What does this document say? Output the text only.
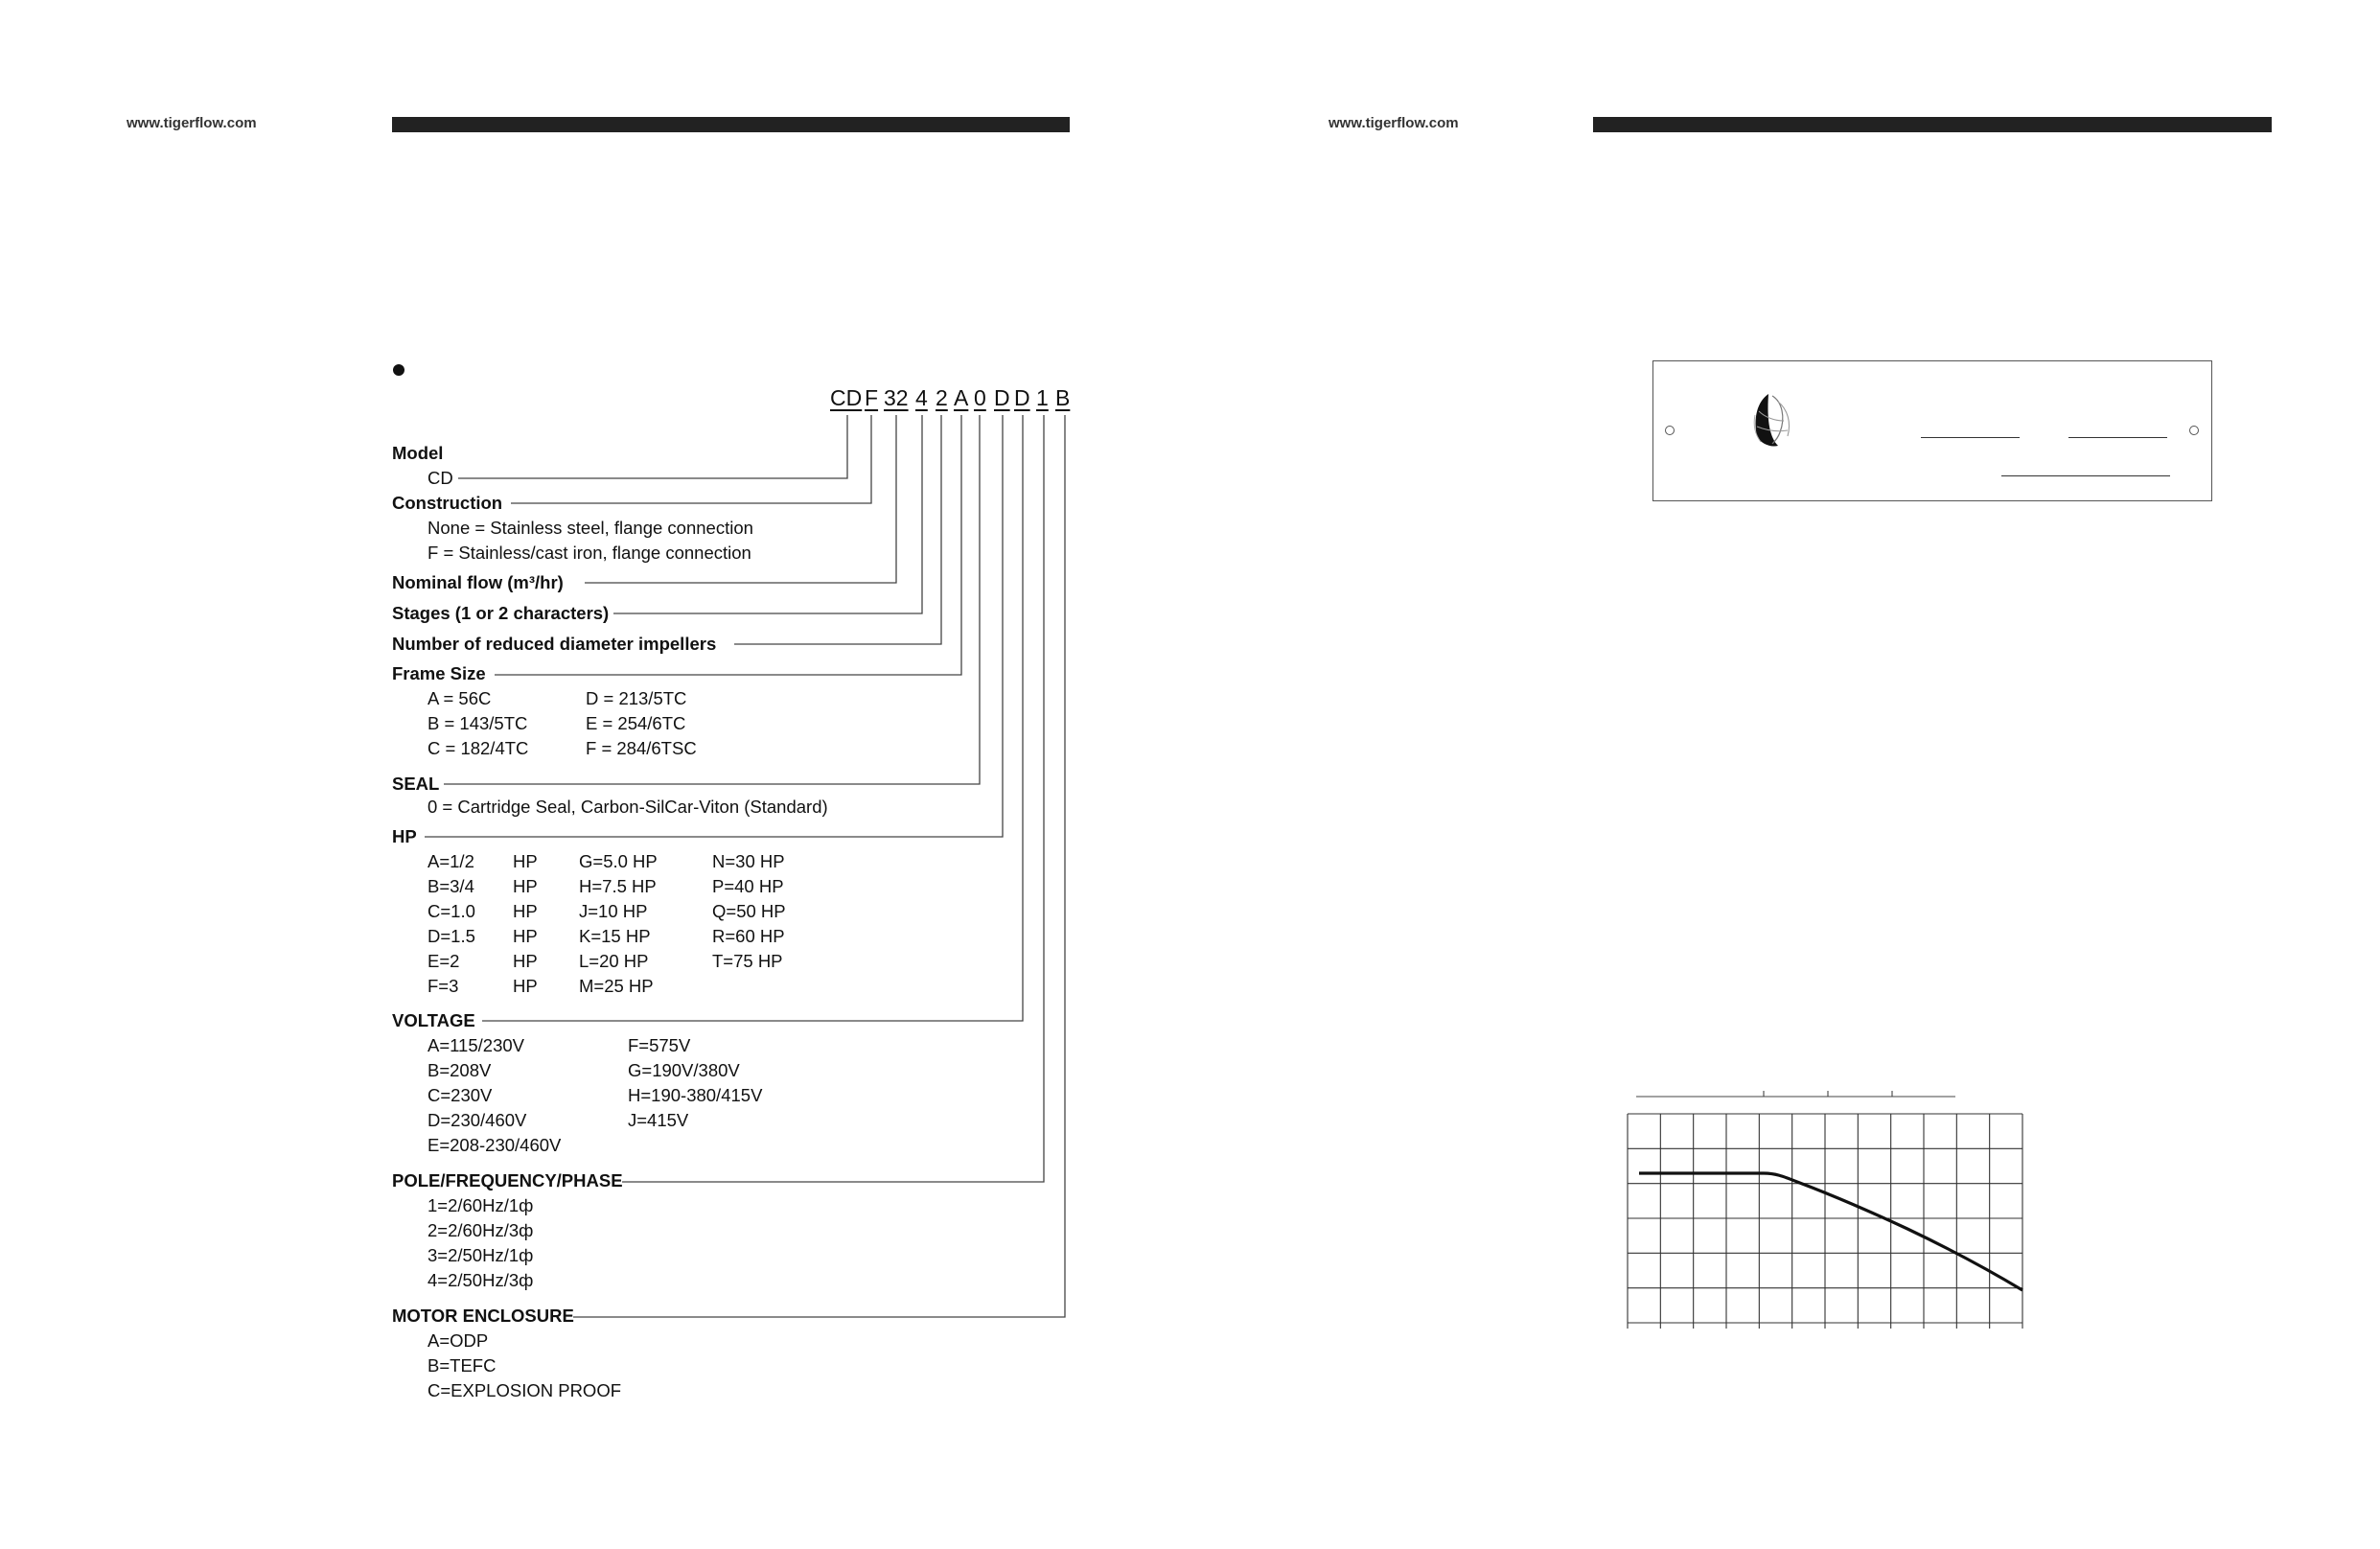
www.tigerflow.com
CD F 32 4 2 A 0 D D 1 B
Model
CD
Construction
None = Stainless steel, flange connection
F = Stainless/cast iron, flange connection
Nominal flow (m³/hr)
Stages (1 or 2 characters)
Number of reduced diameter impellers
Frame Size
A = 56C
B = 143/5TC
C = 182/4TC
D = 213/5TC
E = 254/6TC
F = 284/6TSC
SEAL
0 = Cartridge Seal, Carbon-SilCar-Viton (Standard)
HP
A=1/2
B=3/4
C=1.0
D=1.5
E=2
F=3
HP
HP
HP
HP
HP
HP
G=5.0 HP
H=7.5 HP
J=10 HP
K=15 HP
L=20 HP
M=25 HP
N=30 HP
P=40 HP
Q=50 HP
R=60 HP
T=75 HP
VOLTAGE
A=115/230V
B=208V
C=230V
D=230/460V
E=208-230/460V
F=575V
G=190V/380V
H=190-380/415V
J=415V
POLE/FREQUENCY/PHASE
1=2/60Hz/1ф
2=2/60Hz/3ф
3=2/50Hz/1ф
4=2/50Hz/3ф
MOTOR ENCLOSURE
A=ODP
B=TEFC
C=EXPLOSION PROOF
www.tigerflow.com
